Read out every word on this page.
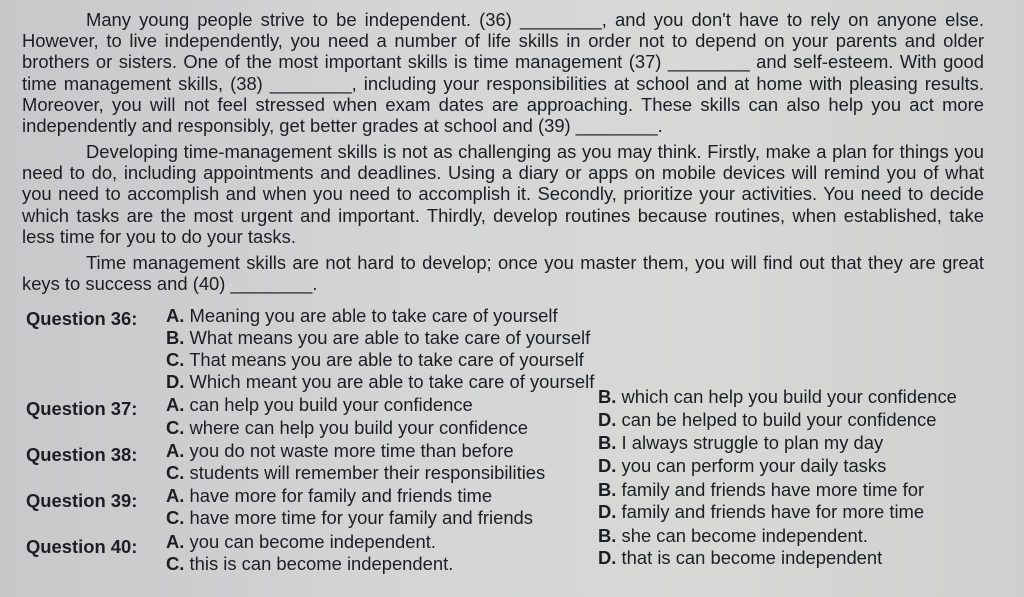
Many young people strive to be independent. (36) ________, and you don't have to rely on anyone else. However, to live independently, you need a number of life skills in order not to depend on your parents and older brothers or sisters. One of the most important skills is time management (37) ________ and self-esteem. With good time management skills, (38) ________, including your responsibilities at school and at home with pleasing results. Moreover, you will not feel stressed when exam dates are approaching. These skills can also help you act more independently and responsibly, get better grades at school and (39) ________.
Developing time-management skills is not as challenging as you may think. Firstly, make a plan for things you need to do, including appointments and deadlines. Using a diary or apps on mobile devices will remind you of what you need to accomplish and when you need to accomplish it. Secondly, prioritize your activities. You need to decide which tasks are the most urgent and important. Thirdly, develop routines because routines, when established, take less time for you to do your tasks.
Time management skills are not hard to develop; once you master them, you will find out that they are great keys to success and (40) ________.
Question 36: A. Meaning you are able to take care of yourself
B. What means you are able to take care of yourself
C. That means you are able to take care of yourself
D. Which meant you are able to take care of yourself
Question 37: A. can help you build your confidence	B. which can help you build your confidence
C. where can help you build your confidence	D. can be helped to build your confidence
Question 38: A. you do not waste more time than before	B. I always struggle to plan my day
C. students will remember their responsibilities	D. you can perform your daily tasks
Question 39: A. have more for family and friends time	B. family and friends have more time for
C. have more time for your family and friends	D. family and friends have for more time
Question 40: A. you can become independent.	B. she can become independent.
C. this is can become independent.	D. that is can become independent
